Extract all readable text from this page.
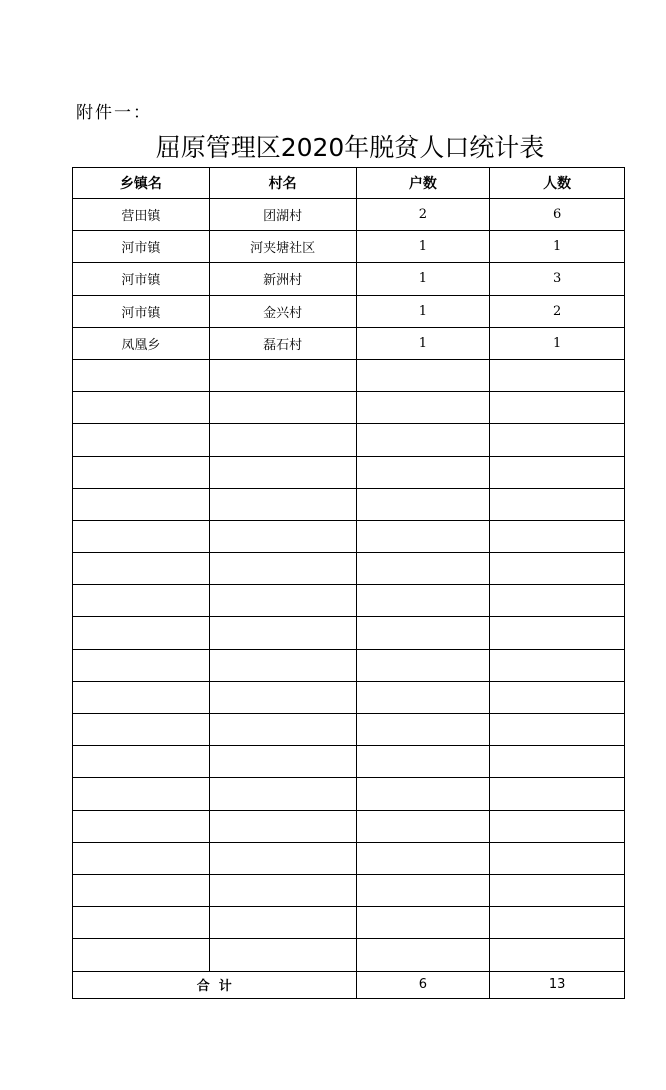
附件一：
屈原管理区2020年脱贫人口统计表
乡镇名	村名	户数	人数
营田镇	团湖村	2	6
河市镇	河夹塘社区	1	1
河市镇	新洲村	1	3
河市镇	金兴村	1	2
凤凰乡	磊石村	1	1

合  计		6	13
